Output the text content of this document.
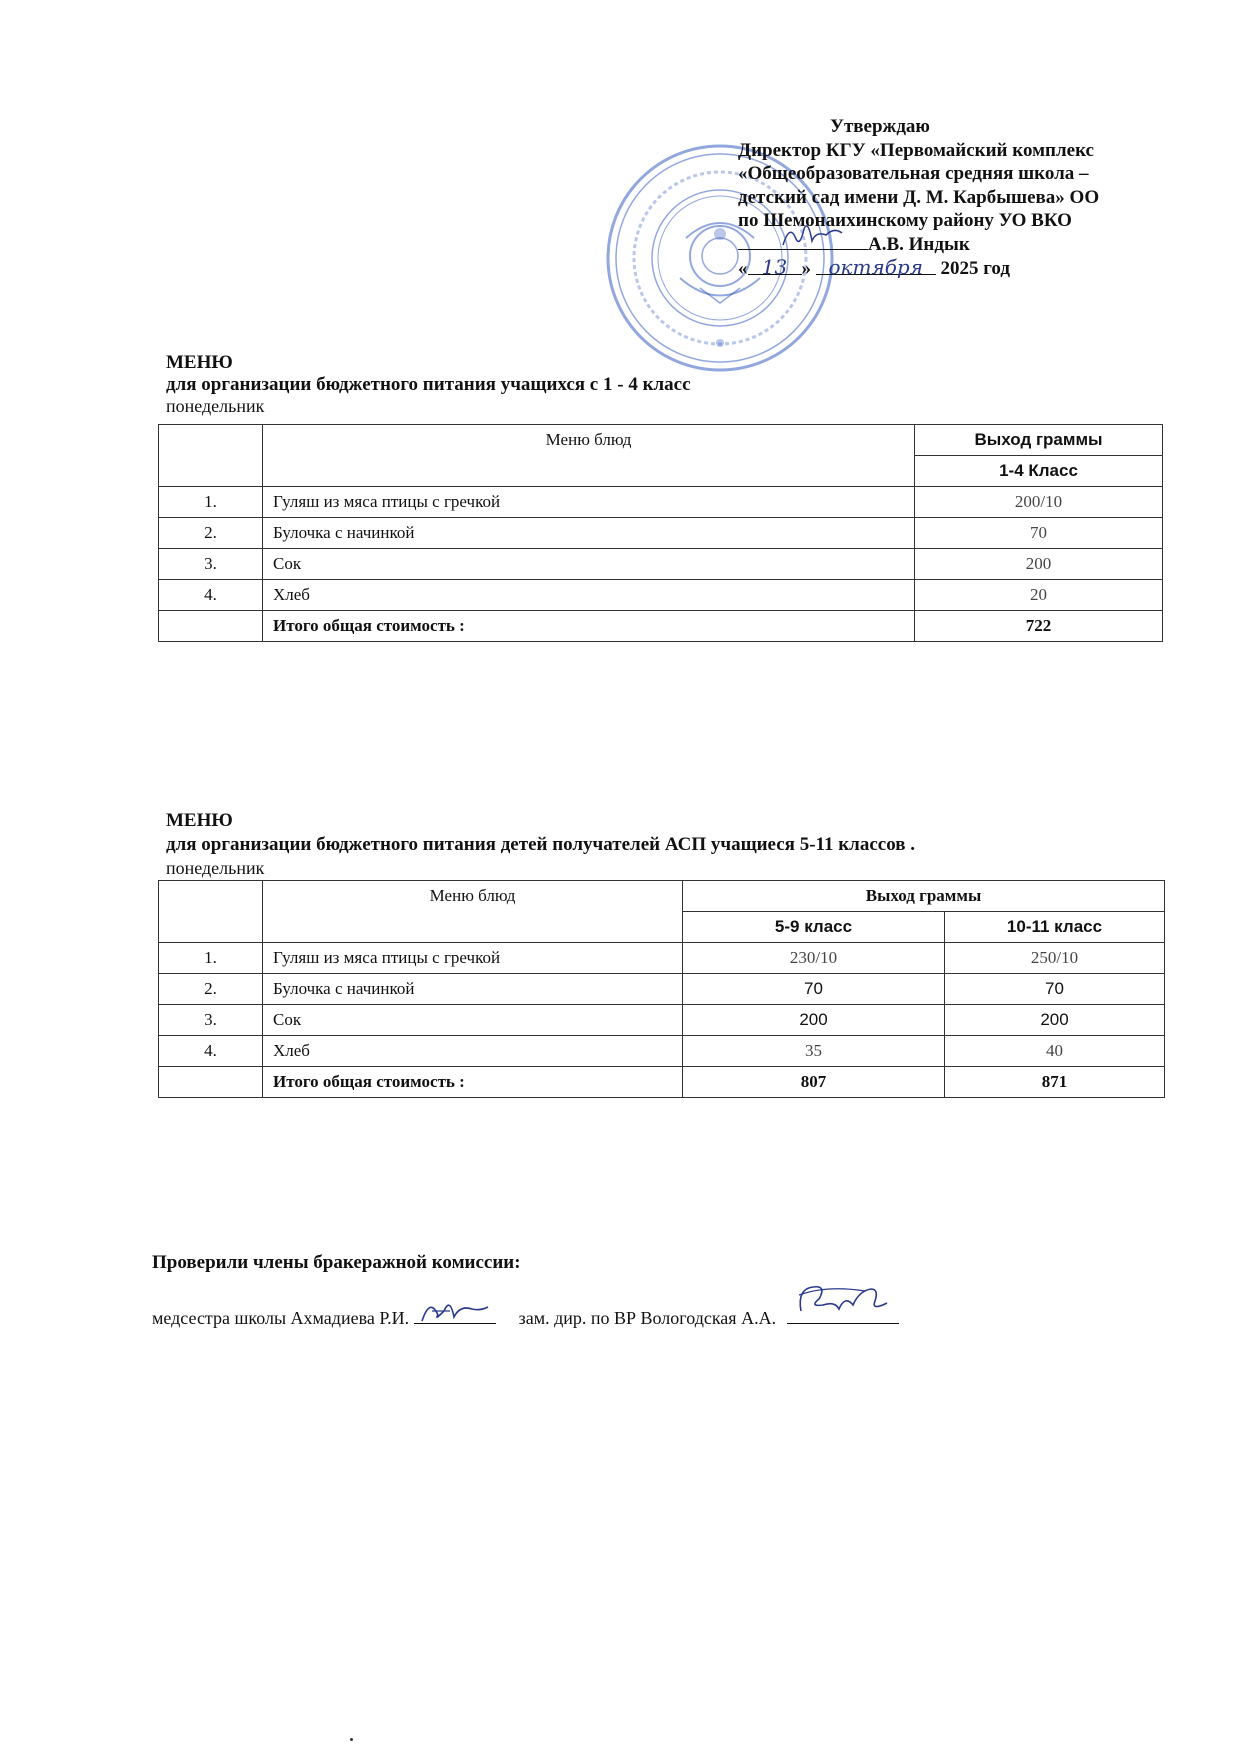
Утверждаю
Директор КГУ «Первомайский комплекс
«Общеобразовательная средняя школа –
детский сад имени Д. М. Карбышева» ОО
по Шемонаихинскому району УО ВКО
А.В. Индык
« 13 » октября 2025 год
МЕНЮ
для организации бюджетного питания учащихся с 1 - 4 класс
понедельник
	Меню блюд	Выход граммы
		1-4 Класс
1.	Гуляш из мяса птицы с гречкой	200/10
2.	Булочка с начинкой	70
3.	Сок	200
4.	Хлеб	20
	Итого общая стоимость :	722
МЕНЮ
для организации бюджетного питания детей получателей АСП учащиеся 5-11 классов .
понедельник
	Меню блюд	Выход граммы	
		5-9 класс	10-11 класс
1.	Гуляш из мяса птицы с гречкой	230/10	250/10
2.	Булочка с начинкой	70	70
3.	Сок	200	200
4.	Хлеб	35	40
	Итого общая стоимость :	807	871
Проверили члены бракеражной комиссии:
медсестра школы Ахмадиева Р.И.	зам. дир. по ВР Вологодская А.А.
